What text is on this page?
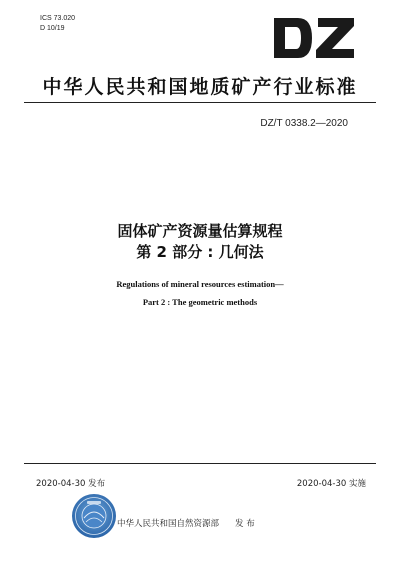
ICS 73.020
D 10/19
中华人民共和国地质矿产行业标准
DZ/T 0338.2—2020
固体矿产资源量估算规程
第 2 部分 : 几何法
Regulations of mineral resources estimation—
Part 2 : The geometric methods
2020-04-30 发布	2020-04-30 实施
中华人民共和国自然资源部 发 布
